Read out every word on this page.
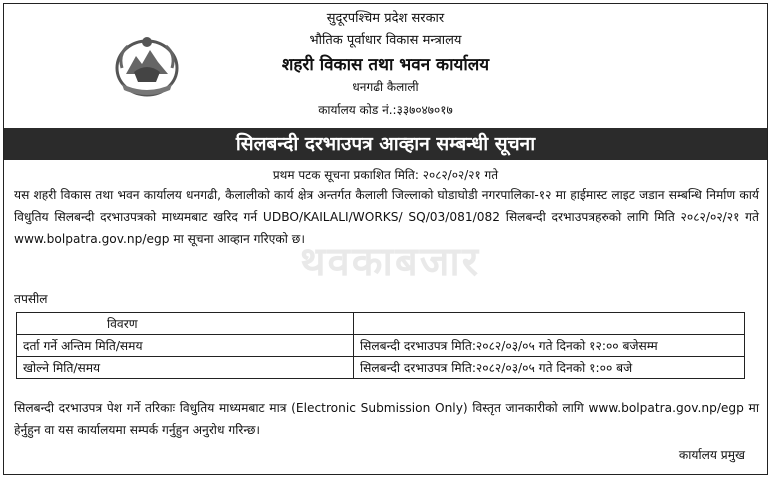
सुदूरपश्चिम प्रदेश सरकार
भौतिक पूर्वाधार विकास मन्त्रालय
शहरी विकास तथा भवन कार्यालय
धनगढी कैलाली
कार्यालय कोड नं.:३३७०४७०१७
सिलबन्दी दरभाउपत्र आव्हान सम्बन्धी सूचना
प्रथम पटक सूचना प्रकाशित मिति: २०८२/०२/२१ गते
यस शहरी विकास तथा भवन कार्यालय धनगढी, कैलालीको कार्य क्षेत्र अन्तर्गत कैलाली जिल्लाको घोडाघोडी नगरपालिका-१२ मा हाईमास्ट लाइट जडान सम्बन्धि निर्माण कार्य विधुतिय सिलबन्दी दरभाउपत्रको माध्यमबाट खरिद गर्न UDBO/KAILALI/WORKS/ SQ/03/081/082 सिलबन्दी दरभाउपत्रहरुको लागि मिति २०८२/०२/२१ गते www.bolpatra.gov.np/egp मा सूचना आव्हान गरिएको छ।
थवकाबजार
तपसील
विवरण	
दर्ता गर्ने अन्तिम मिति/समय	सिलबन्दी दरभाउपत्र मिति:२०८२/०३/०५ गते दिनको १२:०० बजेसम्म
खोल्ने मिति/समय	सिलबन्दी दरभाउपत्र मिति:२०८२/०३/०५ गते दिनको १:०० बजे
सिलबन्दी दरभाउपत्र पेश गर्ने तरिकाः विधुतिय माध्यमबाट मात्र (Electronic Submission Only) विस्तृत जानकारीको लागि www.bolpatra.gov.np/egp मा हेर्नुहुन वा यस कार्यालयमा सम्पर्क गर्नुहुन अनुरोध गरिन्छ।
कार्यालय प्रमुख
